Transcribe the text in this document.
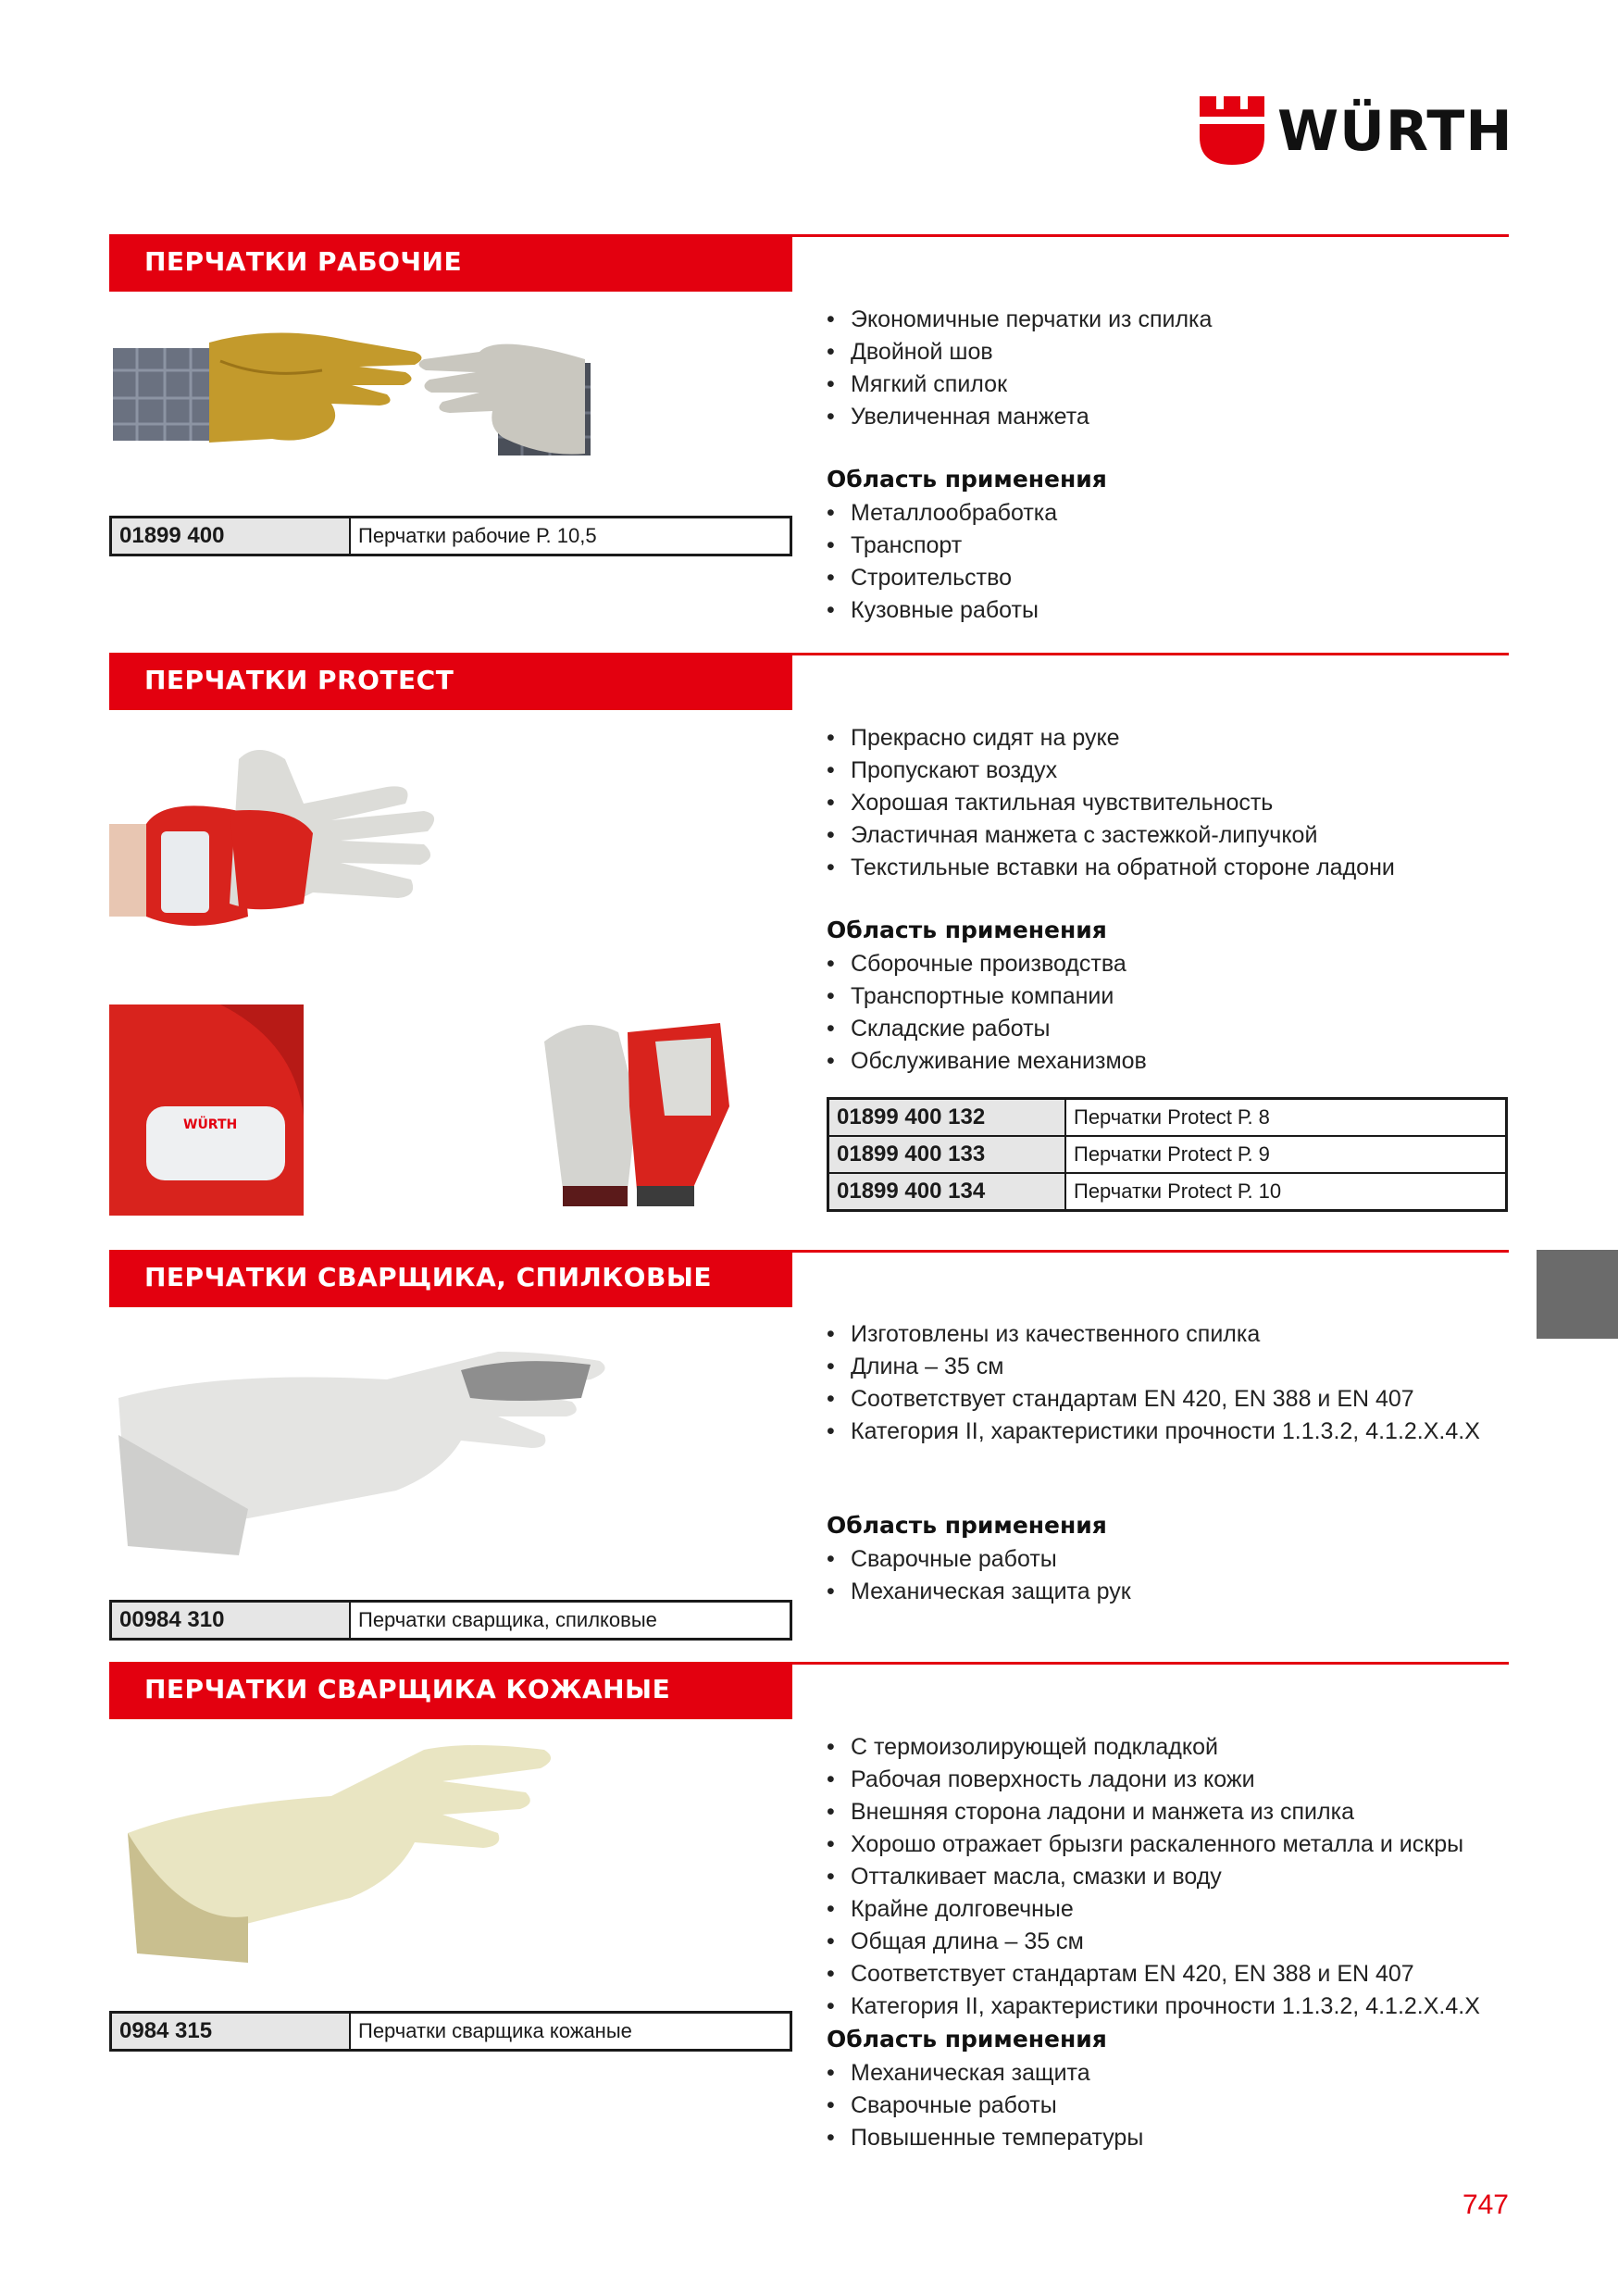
WÜRTH
ПЕРЧАТКИ РАБОЧИЕ
01899 400	Перчатки рабочие Р. 10,5
• Экономичные перчатки из спилка
• Двойной шов
• Мягкий спилок
• Увеличенная манжета
Область применения
• Металлообработка
• Транспорт
• Строительство
• Кузовные работы
ПЕРЧАТКИ PROTECT
WÜRTH
• Прекрасно сидят на руке
• Пропускают воздух
• Хорошая тактильная чувствительность
• Эластичная манжета с застежкой-липучкой
• Текстильные вставки на обратной стороне ладони
Область применения
• Сборочные производства
• Транспортные компании
• Складские работы
• Обслуживание механизмов
01899 400 132	Перчатки Protect Р. 8
01899 400 133	Перчатки Protect Р. 9
01899 400 134	Перчатки Protect Р. 10
ПЕРЧАТКИ СВАРЩИКА, СПИЛКОВЫЕ
00984 310	Перчатки сварщика, спилковые
• Изготовлены из качественного спилка
• Длина – 35 см
• Соответствует стандартам EN 420, EN 388 и EN 407
• Категория II, характеристики прочности 1.1.3.2, 4.1.2.X.4.X
Область применения
• Сварочные работы
• Механическая защита рук
ПЕРЧАТКИ СВАРЩИКА КОЖАНЫЕ
0984 315	Перчатки сварщика кожаные
• С термоизолирующей подкладкой
• Рабочая поверхность ладони из кожи
• Внешняя сторона ладони и манжета из спилка
• Хорошо отражает брызги раскаленного металла и искры
• Отталкивает масла, смазки и воду
• Крайне долговечные
• Общая длина – 35 см
• Соответствует стандартам EN 420, EN 388 и EN 407
• Категория II, характеристики прочности 1.1.3.2, 4.1.2.X.4.X
Область применения
• Механическая защита
• Сварочные работы
• Повышенные температуры
747
